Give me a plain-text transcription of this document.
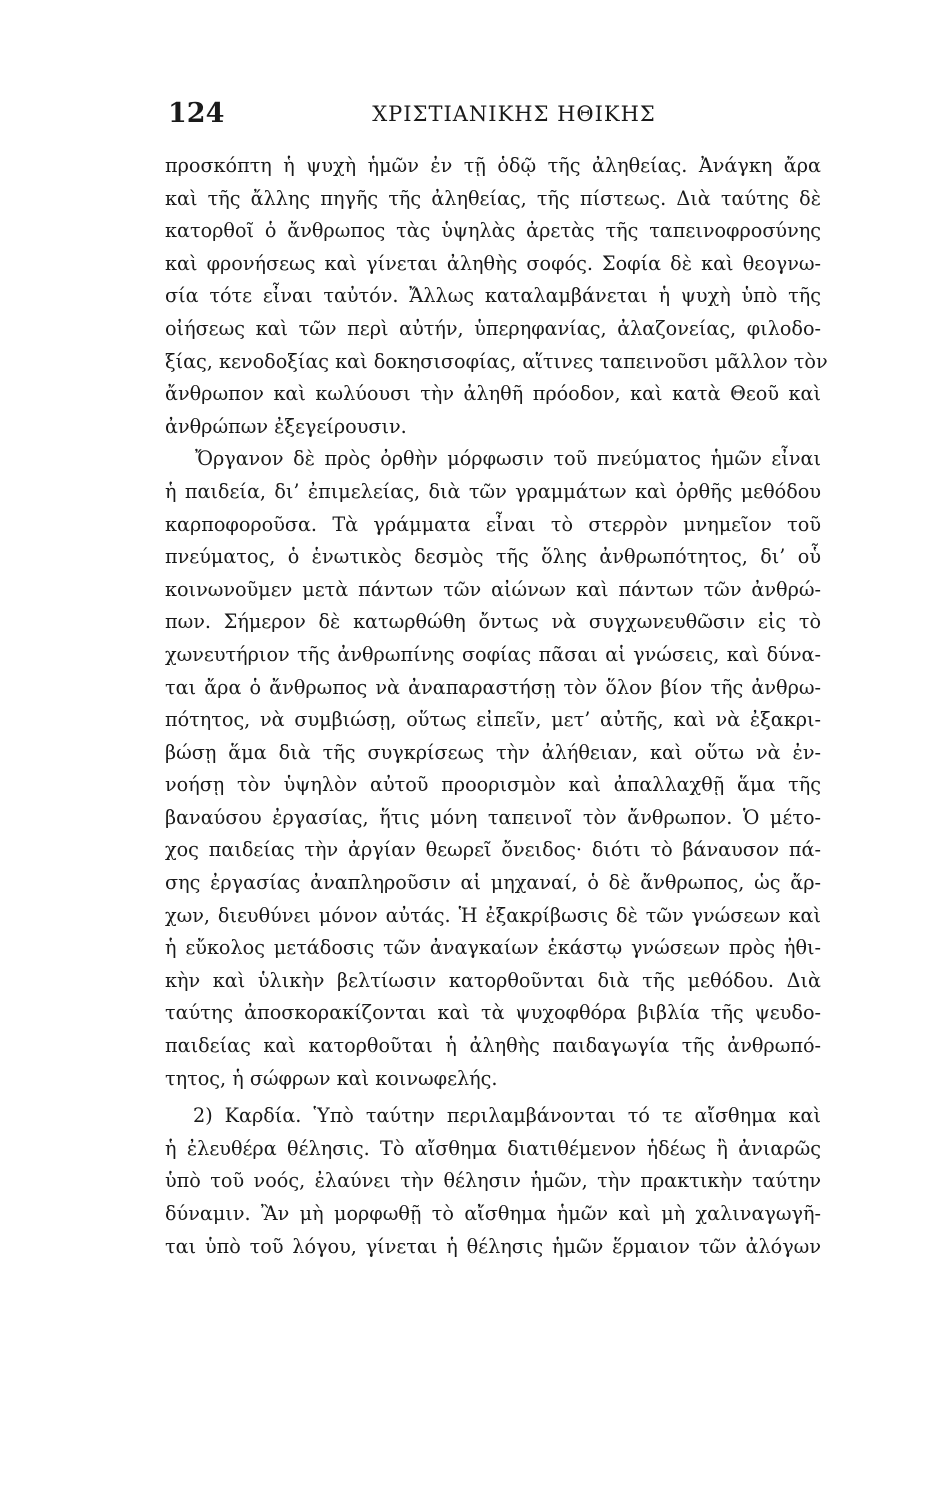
124	ΧΡΙΣΤΙΑΝΙΚΗΣ ΗΘΙΚΗΣ
προσκόπτη ἡ ψυχὴ ἡμῶν ἐν τῇ ὁδῷ τῆς ἀληθείας. Ἀνάγκη ἄρα
καὶ τῆς ἄλλης πηγῆς τῆς ἀληθείας, τῆς πίστεως. Διὰ ταύτης δὲ
κατορθοῖ ὁ ἄνθρωπος τὰς ὑψηλὰς ἀρετὰς τῆς ταπεινοφροσύνης
καὶ φρονήσεως καὶ γίνεται ἀληθὴς σοφός. Σοφία δὲ καὶ θεογνω-
σία τότε εἶναι ταὐτόν. Ἄλλως καταλαμβάνεται ἡ ψυχὴ ὑπὸ τῆς
οἰήσεως καὶ τῶν περὶ αὐτήν, ὑπερηφανίας, ἀλαζονείας, φιλοδο-
ξίας, κενοδοξίας καὶ δοκησισοφίας, αἵτινες ταπεινοῦσι μᾶλλον τὸν
ἄνθρωπον καὶ κωλύουσι τὴν ἀληθῆ πρόοδον, καὶ κατὰ Θεοῦ καὶ
ἀνθρώπων ἐξεγείρουσιν.
Ὄργανον δὲ πρὸς ὀρθὴν μόρφωσιν τοῦ πνεύματος ἡμῶν εἶναι
ἡ παιδεία, δι’ ἐπιμελείας, διὰ τῶν γραμμάτων καὶ ὀρθῆς μεθόδου
καρποφοροῦσα. Τὰ γράμματα εἶναι τὸ στερρὸν μνημεῖον τοῦ
πνεύματος, ὁ ἑνωτικὸς δεσμὸς τῆς ὅλης ἀνθρωπότητος, δι’ οὗ
κοινωνοῦμεν μετὰ πάντων τῶν αἰώνων καὶ πάντων τῶν ἀνθρώ-
πων. Σήμερον δὲ κατωρθώθη ὄντως νὰ συγχωνευθῶσιν εἰς τὸ
χωνευτήριον τῆς ἀνθρωπίνης σοφίας πᾶσαι αἱ γνώσεις, καὶ δύνα-
ται ἄρα ὁ ἄνθρωπος νὰ ἀναπαραστήσῃ τὸν ὅλον βίον τῆς ἀνθρω-
πότητος, νὰ συμβιώσῃ, οὕτως εἰπεῖν, μετ’ αὐτῆς, καὶ νὰ ἐξακρι-
βώσῃ ἅμα διὰ τῆς συγκρίσεως τὴν ἀλήθειαν, καὶ οὕτω νὰ ἐν-
νοήσῃ τὸν ὑψηλὸν αὐτοῦ προορισμὸν καὶ ἀπαλλαχθῇ ἅμα τῆς
βαναύσου ἐργασίας, ἥτις μόνη ταπεινοῖ τὸν ἄνθρωπον. Ὁ μέτο-
χος παιδείας τὴν ἀργίαν θεωρεῖ ὄνειδος· διότι τὸ βάναυσον πά-
σης ἐργασίας ἀναπληροῦσιν αἱ μηχαναί, ὁ δὲ ἄνθρωπος, ὡς ἄρ-
χων, διευθύνει μόνον αὐτάς. Ἡ ἐξακρίβωσις δὲ τῶν γνώσεων καὶ
ἡ εὔκολος μετάδοσις τῶν ἀναγκαίων ἑκάστῳ γνώσεων πρὸς ἠθι-
κὴν καὶ ὑλικὴν βελτίωσιν κατορθοῦνται διὰ τῆς μεθόδου. Διὰ
ταύτης ἀποσκορακίζονται καὶ τὰ ψυχοφθόρα βιβλία τῆς ψευδο-
παιδείας καὶ κατορθοῦται ἡ ἀληθὴς παιδαγωγία τῆς ἀνθρωπό-
τητος, ἡ σώφρων καὶ κοινωφελής.
2) Καρδία. Ὑπὸ ταύτην περιλαμβάνονται τό τε αἴσθημα καὶ
ἡ ἐλευθέρα θέλησις. Τὸ αἴσθημα διατιθέμενον ἡδέως ἢ ἀνιαρῶς
ὑπὸ τοῦ νοός, ἐλαύνει τὴν θέλησιν ἡμῶν, τὴν πρακτικὴν ταύτην
δύναμιν. Ἂν μὴ μορφωθῇ τὸ αἴσθημα ἡμῶν καὶ μὴ χαλιναγωγῆ-
ται ὑπὸ τοῦ λόγου, γίνεται ἡ θέλησις ἡμῶν ἕρμαιον τῶν ἀλόγων
